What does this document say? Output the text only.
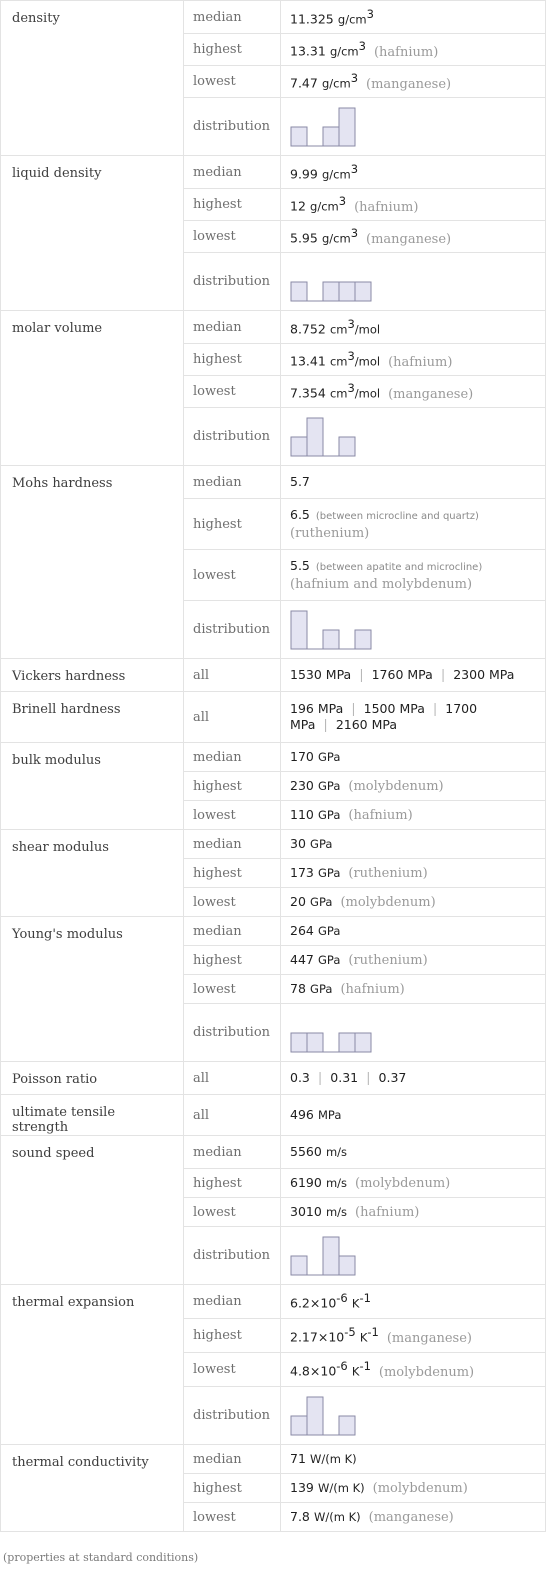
density	median	11.325 $g/cm^3$
	highest	13.31 $g/cm^3$ (hafnium)
	lowest	7.47 $g/cm^3$ (manganese)
	distribution	

liquid density	median	9.99 $g/cm^3$
	highest	12 $g/cm^3$ (hafnium)
	lowest	5.95 $g/cm^3$ (manganese)
	distribution	

molar volume	median	8.752 $cm^3$/mol
	highest	13.41 $cm^3$/mol (hafnium)
	lowest	7.354 $cm^3$/mol (manganese)
	distribution	

Mohs hardness	median	5.7
	highest	6.5 (between microcline and quartz)
(ruthenium)

	lowest	5.5 (between apatite and microcline)
(hafnium and molybdenum)

	distribution	

Vickers hardness	all	1530 MPa | 1760 MPa | 2300 MPa
Brinell hardness	all	196 MPa | 1500 MPa | 1700 MPa | 2160 MPa
bulk modulus	median	170 GPa
	highest	230 GPa (molybdenum)
	lowest	110 GPa (hafnium)
shear modulus	median	30 GPa
	highest	173 GPa (ruthenium)
	lowest	20 GPa (molybdenum)
Young's modulus	median	264 GPa
	highest	447 GPa (ruthenium)
	lowest	78 GPa (hafnium)
	distribution	

Poisson ratio	all	0.3 | 0.31 | 0.37
ultimate tensile strength	all	496 MPa
sound speed	median	5560 m/s
	highest	6190 m/s (molybdenum)
	lowest	3010 m/s (hafnium)
	distribution	

thermal expansion	median	$6.2\times 10^{-6}$ $K^{-1}$
	highest	$2.17\times 10^{-5}$ $K^{-1}$ (manganese)
	lowest	$4.8\times 10^{-6}$ $K^{-1}$ (molybdenum)
	distribution	

thermal conductivity	median	71 W/(m K)
	highest	139 W/(m K) (molybdenum)
	lowest	7.8 W/(m K) (manganese)
(properties at standard conditions)
